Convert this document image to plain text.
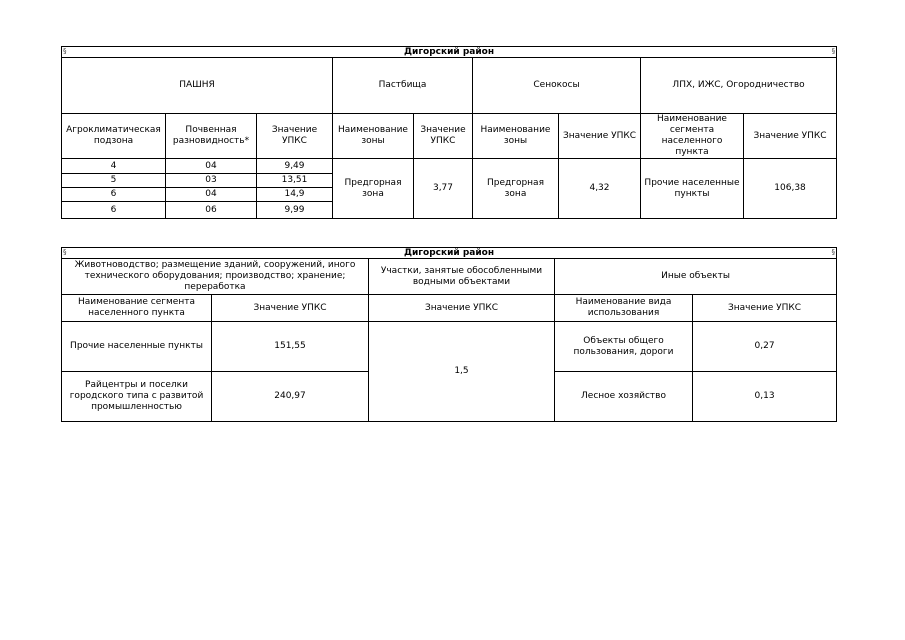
§ Дигорский район §								

ПАШНЯ			Пастбища		Сенокосы		ЛПХ, ИЖС, Огородничество	
Агроклиматическая подзона	Почвенная разновидность*	Значение УПКС	Наименование зоны	Значение УПКС	Наименование зоны	Значение УПКС	Наименование сегмента населенного пункта	Значение УПКС
4	04	9,49	Предгорная зона	3,77	Предгорная зона	4,32	Прочие населенные пункты	106,38
5	03	13,51						
6	04	14,9						
6	06	9,99						
§ Дигорский район §				

Животноводство; размещение зданий, сооружений, иного технического оборудования; производство; хранение; переработка		Участки, занятые обособленными водными объектами	Иные объекты	
Наименование сегмента населенного пункта	Значение УПКС	Значение УПКС	Наименование вида использования	Значение УПКС
Прочие населенные пункты	151,55	1,5	Объекты общего пользования, дороги	0,27
Райцентры и поселки городского типа с развитой промышленностью	240,97		Лесное хозяйство	0,13
